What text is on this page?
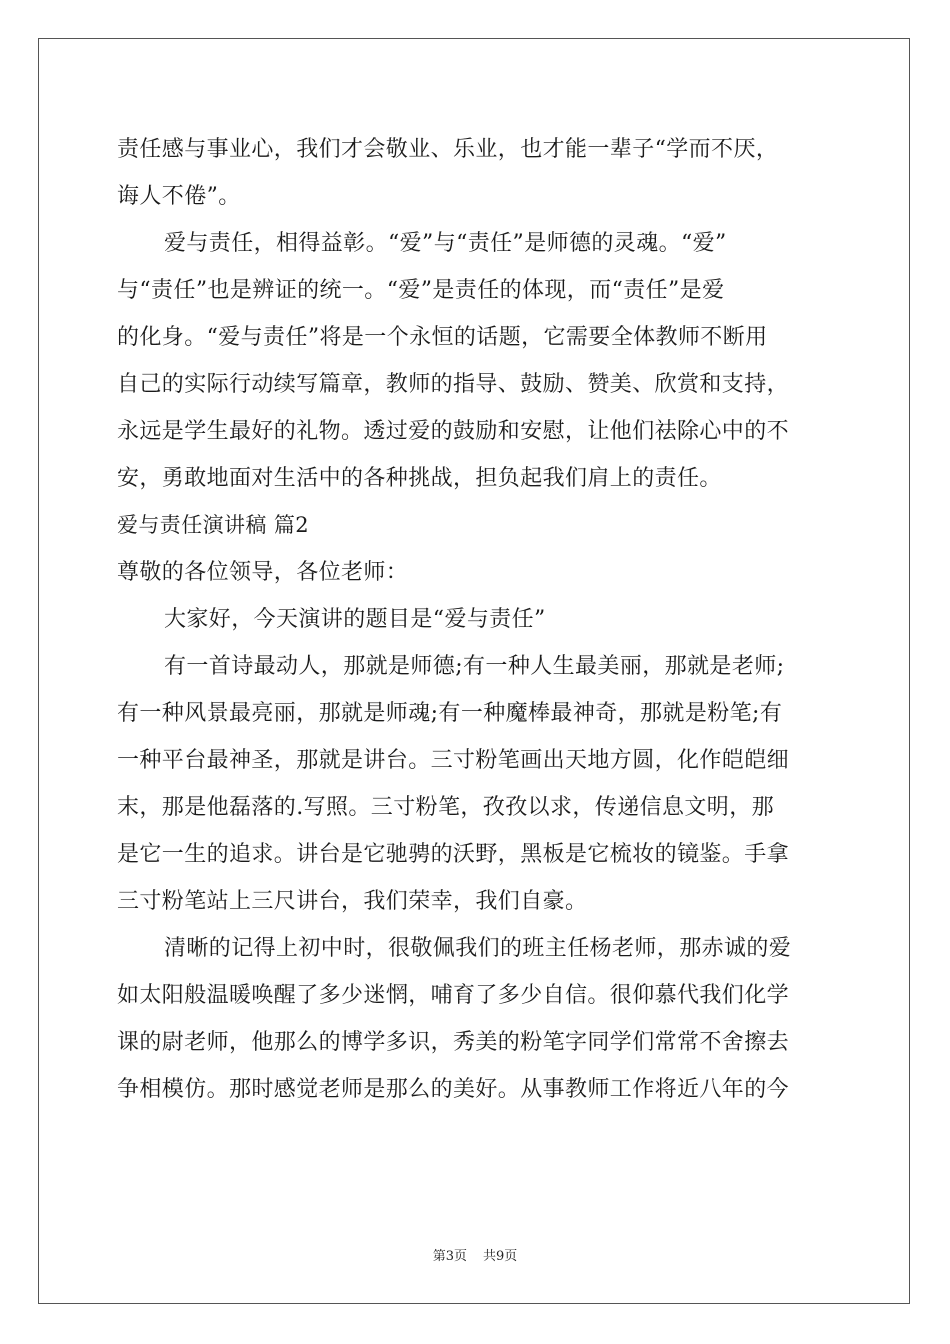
责任感与事业心，我们才会敬业、乐业，也才能一辈子“学而不厌，
诲人不倦”。
爱与责任，相得益彰。“爱”与“责任”是师德的灵魂。“爱”
与“责任”也是辨证的统一。“爱”是责任的体现，而“责任”是爱
的化身。“爱与责任”将是一个永恒的话题，它需要全体教师不断用
自己的实际行动续写篇章，教师的指导、鼓励、赞美、欣赏和支持，
永远是学生最好的礼物。透过爱的鼓励和安慰，让他们祛除心中的不
安，勇敢地面对生活中的各种挑战，担负起我们肩上的责任。
爱与责任演讲稿 篇2
尊敬的各位领导，各位老师：
大家好，今天演讲的题目是“爱与责任”
有一首诗最动人，那就是师德;有一种人生最美丽，那就是老师;
有一种风景最亮丽，那就是师魂;有一种魔棒最神奇，那就是粉笔;有
一种平台最神圣，那就是讲台。三寸粉笔画出天地方圆，化作皑皑细
末，那是他磊落的.写照。三寸粉笔，孜孜以求，传递信息文明，那
是它一生的追求。讲台是它驰骋的沃野，黑板是它梳妆的镜鉴。手拿
三寸粉笔站上三尺讲台，我们荣幸，我们自豪。
清晰的记得上初中时，很敬佩我们的班主任杨老师，那赤诚的爱
如太阳般温暖唤醒了多少迷惘，哺育了多少自信。很仰慕代我们化学
课的尉老师，他那么的博学多识，秀美的粉笔字同学们常常不舍擦去
争相模仿。那时感觉老师是那么的美好。从事教师工作将近八年的今
第3页 共9页
